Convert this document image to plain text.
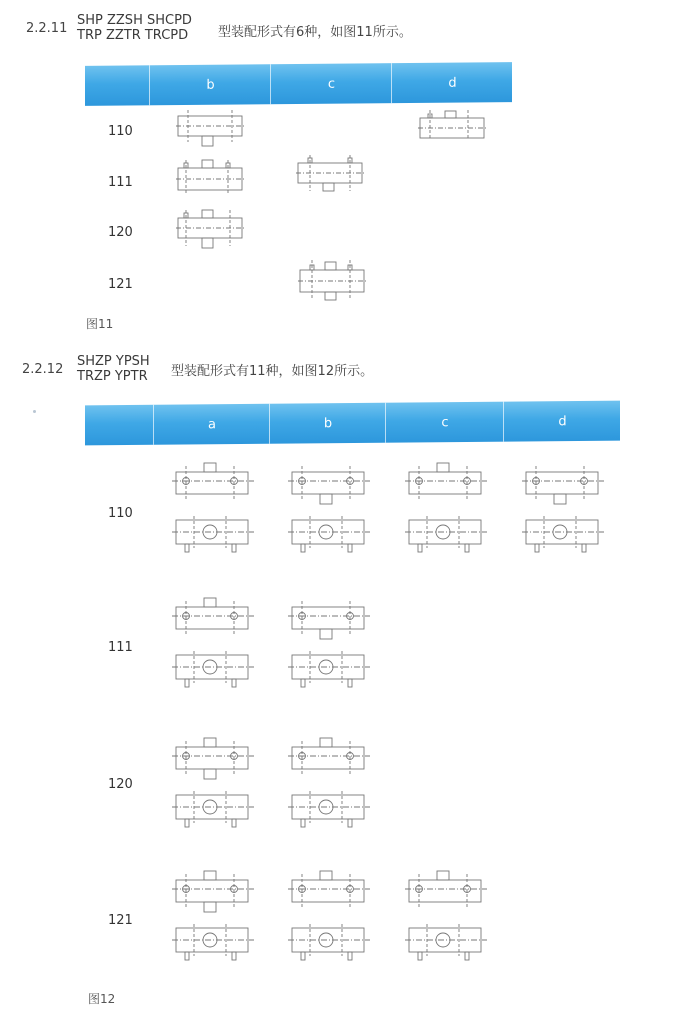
2.2.11
SHP ZZSH SHCPD
TRP ZZTR TRCPD 型装配形式有6种，如图11所示。
b	c	d
110
111
120
121
图11
2.2.12
SHZP YPSH
TRZP YPTR 型装配形式有11种，如图12所示。
a	b	c	d
110
111
120
121
图12
